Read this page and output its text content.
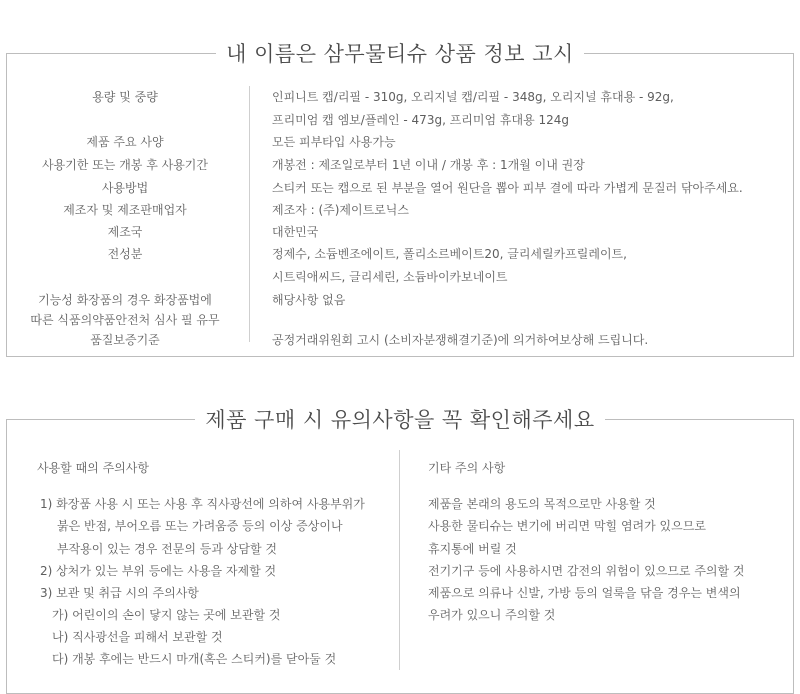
내 이름은 삼무물티슈 상품 정보 고시
용량 및 중량	인피니트 캡/리필 - 310g, 오리지널 캡/리필 - 348g, 오리지널 휴대용 - 92g,
프리미엄 캡 엠보/플레인 - 473g, 프리미엄 휴대용 124g
제품 주요 사양	모든 피부타입 사용가능
사용기한 또는 개봉 후 사용기간	개봉전 : 제조일로부터 1년 이내 / 개봉 후 : 1개월 이내 권장
사용방법	스티커 또는 캡으로 된 부분을 열어 원단을 뽑아 피부 결에 따라 가볍게 문질러 닦아주세요.
제조자 및 제조판매업자	제조자 : (주)제이트로닉스
제조국	대한민국
전성분	정제수, 소듐벤조에이트, 폴리소르베이트20, 글리세릴카프릴레이트,
시트릭애씨드, 글리세린, 소듐바이카보네이트
기능성 화장품의 경우 화장품법에	해당사항 없음
따른 식품의약품안전처 심사 필 유무
품질보증기준	공정거래위원회 고시 (소비자분쟁해결기준)에 의거하여보상해 드립니다.
제품 구매 시 유의사항을 꼭 확인해주세요
사용할 때의 주의사항
1) 화장품 사용 시 또는 사용 후 직사광선에 의하여 사용부위가
붉은 반점, 부어오름 또는 가려움증 등의 이상 증상이나
부작용이 있는 경우 전문의 등과 상담할 것
2) 상처가 있는 부위 등에는 사용을 자제할 것
3) 보관 및 취급 시의 주의사항
가) 어린이의 손이 닿지 않는 곳에 보관할 것
나) 직사광선을 피해서 보관할 것
다) 개봉 후에는 반드시 마개(혹은 스티커)를 닫아둘 것
기타 주의 사항
제품을 본래의 용도의 목적으로만 사용할 것
사용한 물티슈는 변기에 버리면 막힐 염려가 있으므로
휴지통에 버릴 것
전기기구 등에 사용하시면 감전의 위험이 있으므로 주의할 것
제품으로 의류나 신발, 가방 등의 얼룩을 닦을 경우는 변색의
우려가 있으니 주의할 것
